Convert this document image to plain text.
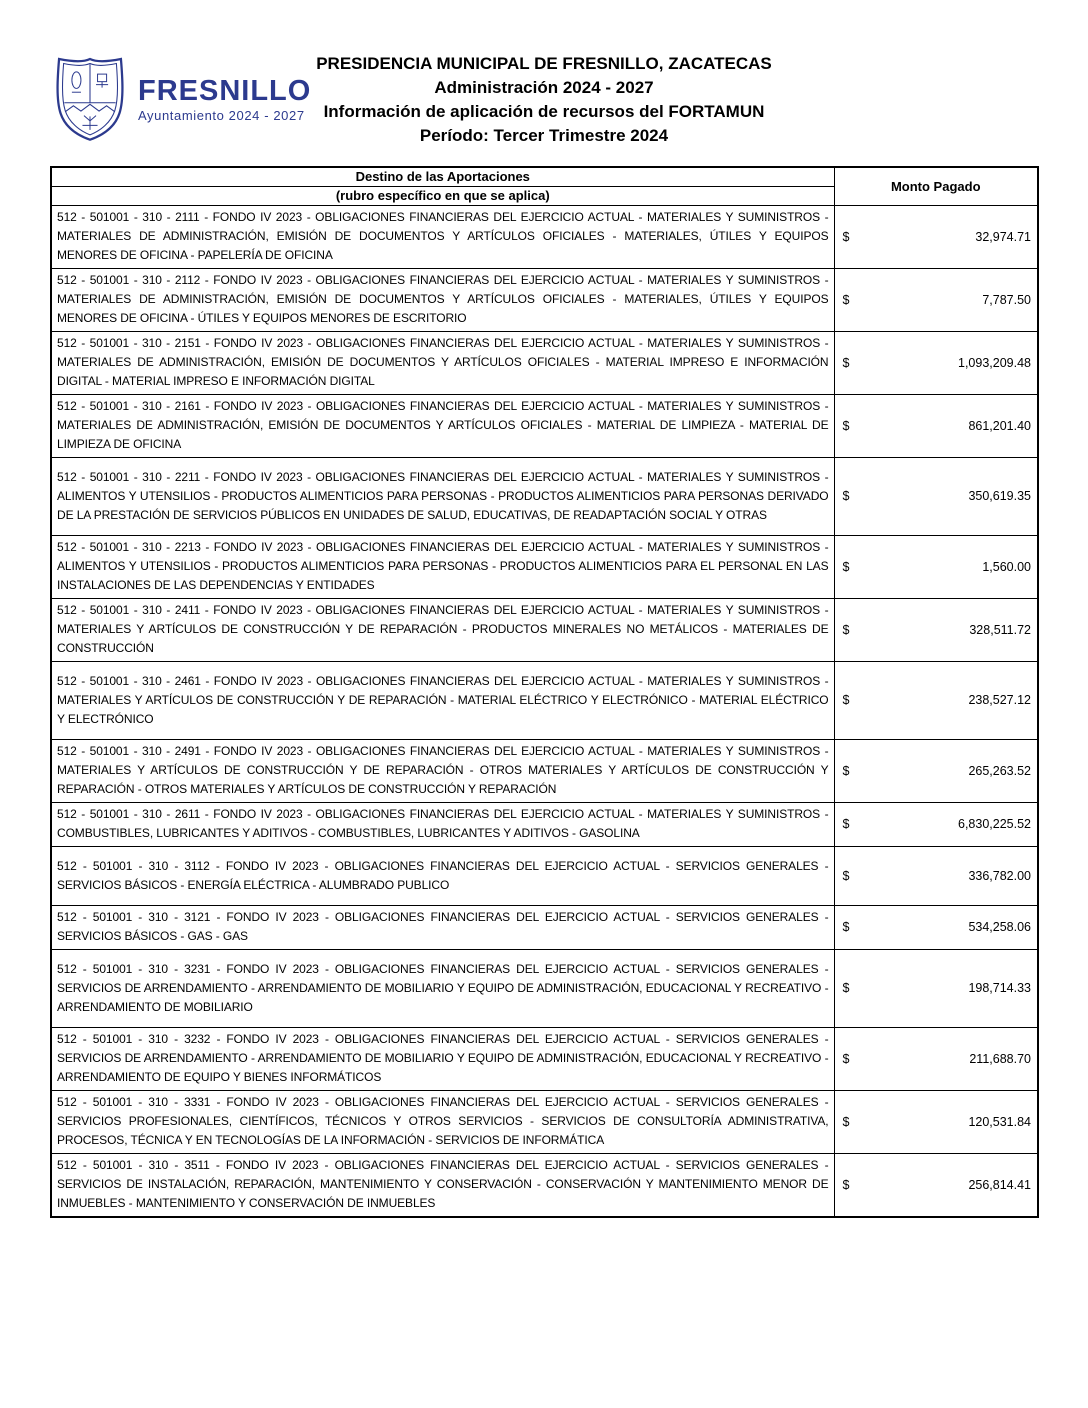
FRESNILLO
Ayuntamiento 2024 - 2027
PRESIDENCIA MUNICIPAL DE FRESNILLO, ZACATECAS
Administración 2024 - 2027
Información de aplicación de recursos del FORTAMUN
Período: Tercer Trimestre 2024
Destino de las Aportaciones	Monto Pagado
(rubro específico en que se aplica)	
512 - 501001 - 310 - 2111 - FONDO IV 2023 - OBLIGACIONES FINANCIERAS DEL EJERCICIO ACTUAL - MATERIALES Y SUMINISTROS - MATERIALES DE ADMINISTRACIÓN, EMISIÓN DE DOCUMENTOS Y ARTÍCULOS OFICIALES - MATERIALES, ÚTILES Y EQUIPOS MENORES DE OFICINA - PAPELERÍA DE OFICINA	$ 32,974.71

512 - 501001 - 310 - 2112 - FONDO IV 2023 - OBLIGACIONES FINANCIERAS DEL EJERCICIO ACTUAL - MATERIALES Y SUMINISTROS - MATERIALES DE ADMINISTRACIÓN, EMISIÓN DE DOCUMENTOS Y ARTÍCULOS OFICIALES - MATERIALES, ÚTILES Y EQUIPOS MENORES DE OFICINA - ÚTILES Y EQUIPOS MENORES DE ESCRITORIO	$ 7,787.50

512 - 501001 - 310 - 2151 - FONDO IV 2023 - OBLIGACIONES FINANCIERAS DEL EJERCICIO ACTUAL - MATERIALES Y SUMINISTROS - MATERIALES DE ADMINISTRACIÓN, EMISIÓN DE DOCUMENTOS Y ARTÍCULOS OFICIALES - MATERIAL IMPRESO E INFORMACIÓN DIGITAL - MATERIAL IMPRESO E INFORMACIÓN DIGITAL	$ 1,093,209.48

512 - 501001 - 310 - 2161 - FONDO IV 2023 - OBLIGACIONES FINANCIERAS DEL EJERCICIO ACTUAL - MATERIALES Y SUMINISTROS - MATERIALES DE ADMINISTRACIÓN, EMISIÓN DE DOCUMENTOS Y ARTÍCULOS OFICIALES - MATERIAL DE LIMPIEZA - MATERIAL DE LIMPIEZA DE OFICINA	$ 861,201.40

512 - 501001 - 310 - 2211 - FONDO IV 2023 - OBLIGACIONES FINANCIERAS DEL EJERCICIO ACTUAL - MATERIALES Y SUMINISTROS - ALIMENTOS Y UTENSILIOS - PRODUCTOS ALIMENTICIOS PARA PERSONAS - PRODUCTOS ALIMENTICIOS PARA PERSONAS DERIVADO DE LA PRESTACIÓN DE SERVICIOS PÚBLICOS EN UNIDADES DE SALUD, EDUCATIVAS, DE READAPTACIÓN SOCIAL Y OTRAS	$ 350,619.35

512 - 501001 - 310 - 2213 - FONDO IV 2023 - OBLIGACIONES FINANCIERAS DEL EJERCICIO ACTUAL - MATERIALES Y SUMINISTROS - ALIMENTOS Y UTENSILIOS - PRODUCTOS ALIMENTICIOS PARA PERSONAS - PRODUCTOS ALIMENTICIOS PARA EL PERSONAL EN LAS INSTALACIONES DE LAS DEPENDENCIAS Y ENTIDADES	$ 1,560.00

512 - 501001 - 310 - 2411 - FONDO IV 2023 - OBLIGACIONES FINANCIERAS DEL EJERCICIO ACTUAL - MATERIALES Y SUMINISTROS - MATERIALES Y ARTÍCULOS DE CONSTRUCCIÓN Y DE REPARACIÓN - PRODUCTOS MINERALES NO METÁLICOS - MATERIALES DE CONSTRUCCIÓN	$ 328,511.72

512 - 501001 - 310 - 2461 - FONDO IV 2023 - OBLIGACIONES FINANCIERAS DEL EJERCICIO ACTUAL - MATERIALES Y SUMINISTROS - MATERIALES Y ARTÍCULOS DE CONSTRUCCIÓN Y DE REPARACIÓN - MATERIAL ELÉCTRICO Y ELECTRÓNICO - MATERIAL ELÉCTRICO Y ELECTRÓNICO	$ 238,527.12

512 - 501001 - 310 - 2491 - FONDO IV 2023 - OBLIGACIONES FINANCIERAS DEL EJERCICIO ACTUAL - MATERIALES Y SUMINISTROS - MATERIALES Y ARTÍCULOS DE CONSTRUCCIÓN Y DE REPARACIÓN - OTROS MATERIALES Y ARTÍCULOS DE CONSTRUCCIÓN Y REPARACIÓN - OTROS MATERIALES Y ARTÍCULOS DE CONSTRUCCIÓN Y REPARACIÓN	$ 265,263.52

512 - 501001 - 310 - 2611 - FONDO IV 2023 - OBLIGACIONES FINANCIERAS DEL EJERCICIO ACTUAL - MATERIALES Y SUMINISTROS - COMBUSTIBLES, LUBRICANTES Y ADITIVOS - COMBUSTIBLES, LUBRICANTES Y ADITIVOS - GASOLINA	$ 6,830,225.52

512 - 501001 - 310 - 3112 - FONDO IV 2023 - OBLIGACIONES FINANCIERAS DEL EJERCICIO ACTUAL - SERVICIOS GENERALES - SERVICIOS BÁSICOS - ENERGÍA ELÉCTRICA - ALUMBRADO PUBLICO	$ 336,782.00

512 - 501001 - 310 - 3121 - FONDO IV 2023 - OBLIGACIONES FINANCIERAS DEL EJERCICIO ACTUAL - SERVICIOS GENERALES - SERVICIOS BÁSICOS - GAS - GAS	$ 534,258.06

512 - 501001 - 310 - 3231 - FONDO IV 2023 - OBLIGACIONES FINANCIERAS DEL EJERCICIO ACTUAL - SERVICIOS GENERALES - SERVICIOS DE ARRENDAMIENTO - ARRENDAMIENTO DE MOBILIARIO Y EQUIPO DE ADMINISTRACIÓN, EDUCACIONAL Y RECREATIVO - ARRENDAMIENTO DE MOBILIARIO	$ 198,714.33

512 - 501001 - 310 - 3232 - FONDO IV 2023 - OBLIGACIONES FINANCIERAS DEL EJERCICIO ACTUAL - SERVICIOS GENERALES - SERVICIOS DE ARRENDAMIENTO - ARRENDAMIENTO DE MOBILIARIO Y EQUIPO DE ADMINISTRACIÓN, EDUCACIONAL Y RECREATIVO - ARRENDAMIENTO DE EQUIPO Y BIENES INFORMÁTICOS	$ 211,688.70

512 - 501001 - 310 - 3331 - FONDO IV 2023 - OBLIGACIONES FINANCIERAS DEL EJERCICIO ACTUAL - SERVICIOS GENERALES - SERVICIOS PROFESIONALES, CIENTÍFICOS, TÉCNICOS Y OTROS SERVICIOS - SERVICIOS DE CONSULTORÍA ADMINISTRATIVA, PROCESOS, TÉCNICA Y EN TECNOLOGÍAS DE LA INFORMACIÓN - SERVICIOS DE INFORMÁTICA	$ 120,531.84

512 - 501001 - 310 - 3511 - FONDO IV 2023 - OBLIGACIONES FINANCIERAS DEL EJERCICIO ACTUAL - SERVICIOS GENERALES - SERVICIOS DE INSTALACIÓN, REPARACIÓN, MANTENIMIENTO Y CONSERVACIÓN - CONSERVACIÓN Y MANTENIMIENTO MENOR DE INMUEBLES - MANTENIMIENTO Y CONSERVACIÓN DE INMUEBLES	$ 256,814.41
